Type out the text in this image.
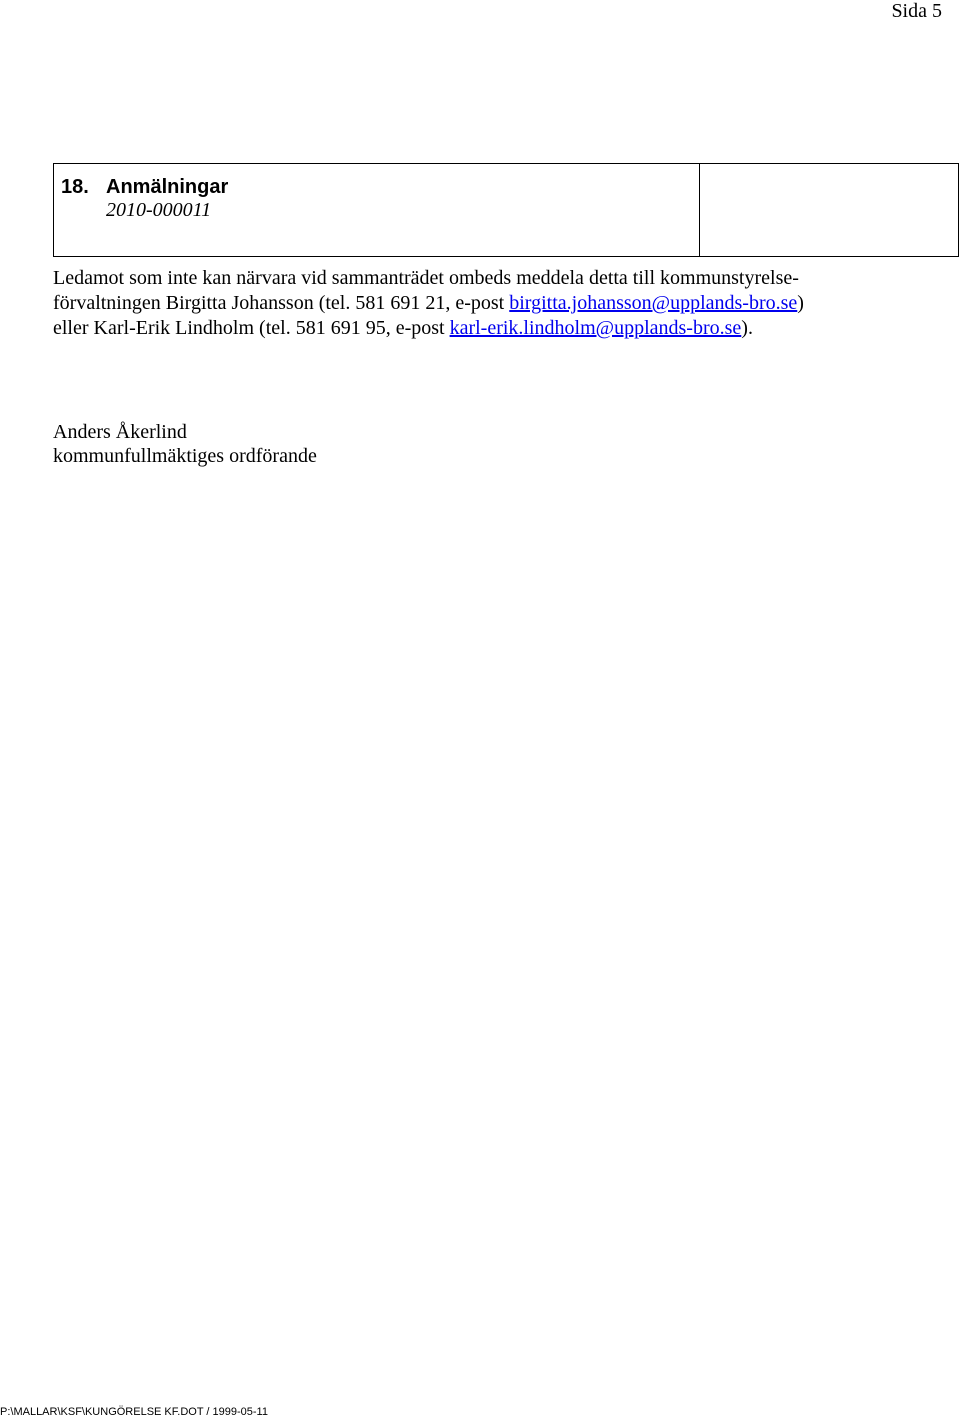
Sida 5
18. Anmälningar
2010-000011

Ledamot som inte kan närvara vid sammanträdet ombeds meddela detta till kommunstyrelse-

förvaltningen Birgitta Johansson (tel. 581 691 21, e-post birgitta.johansson@upplands-bro.se)

eller Karl-Erik Lindholm (tel. 581 691 95, e-post karl-erik.lindholm@upplands-bro.se).

Anders Åkerlind
kommunfullmäktiges ordförande
P:\MALLAR\KSF\KUNGÖRELSE KF.DOT / 1999-05-11
